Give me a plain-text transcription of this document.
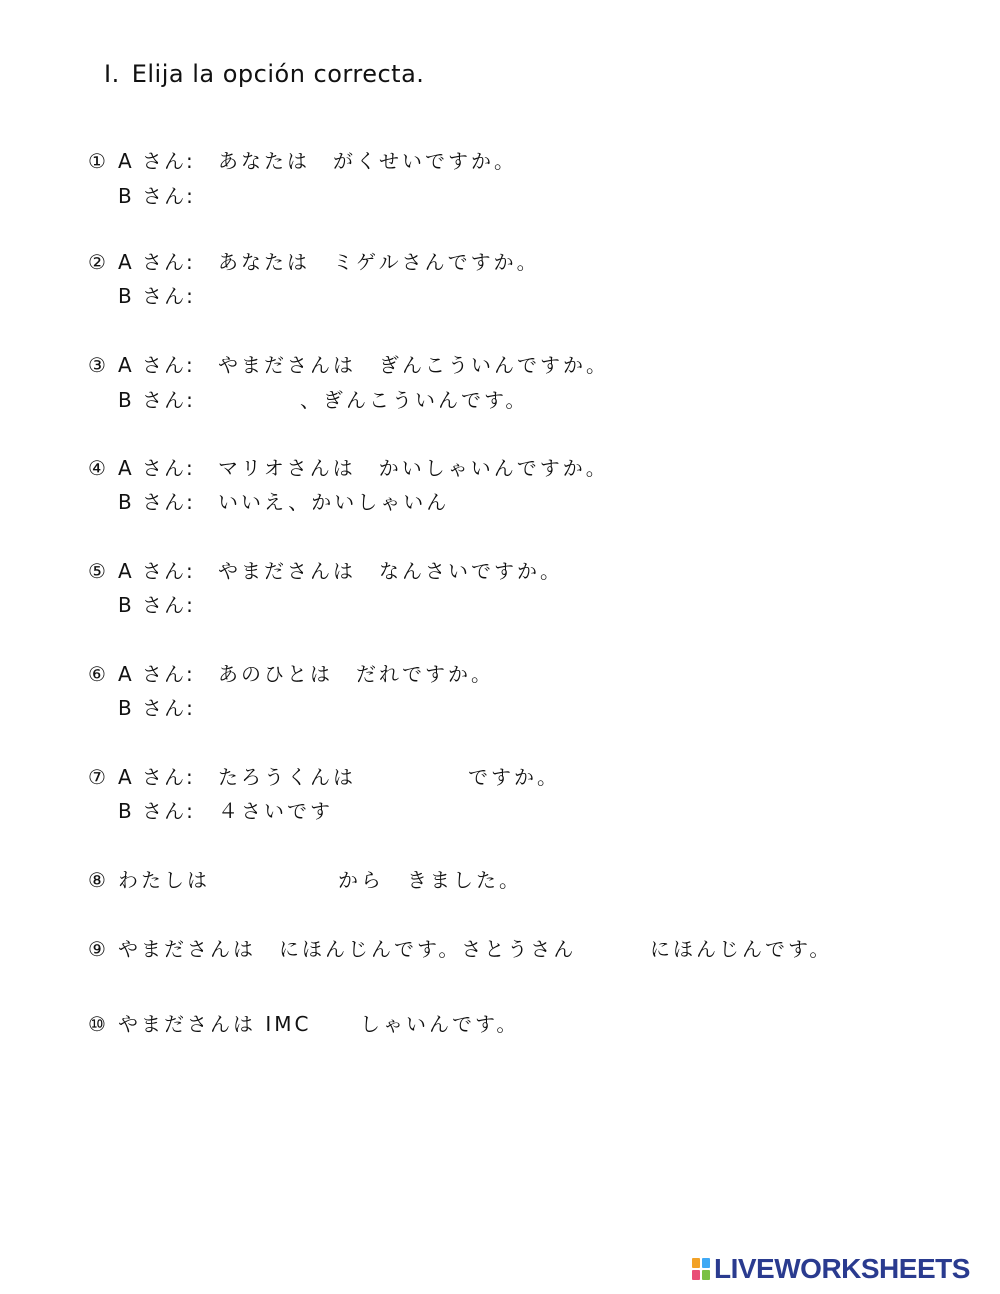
I. Elija la opción correcta.
① A さん: あなたは　がくせいですか。
B さん:
② A さん: あなたは　ミゲルさんですか。
B さん:
③ A さん: やまださんは　ぎんこういんですか。
B さん:	、ぎんこういんです。
④ A さん: マリオさんは　かいしゃいんですか。
B さん: いいえ、かいしゃいん
⑤ A さん: やまださんは　なんさいですか。
B さん:
⑥ A さん: あのひとは　だれですか。
B さん:
⑦ A さん: たろうくんは	ですか。
B さん: ４さいです
⑧ わたしは	から　きました。
⑨ やまださんは　にほんじんです。さとうさん	にほんじんです。
⑩ やまださんは IMC しゃいんです。
LIVEWORKSHEETS
